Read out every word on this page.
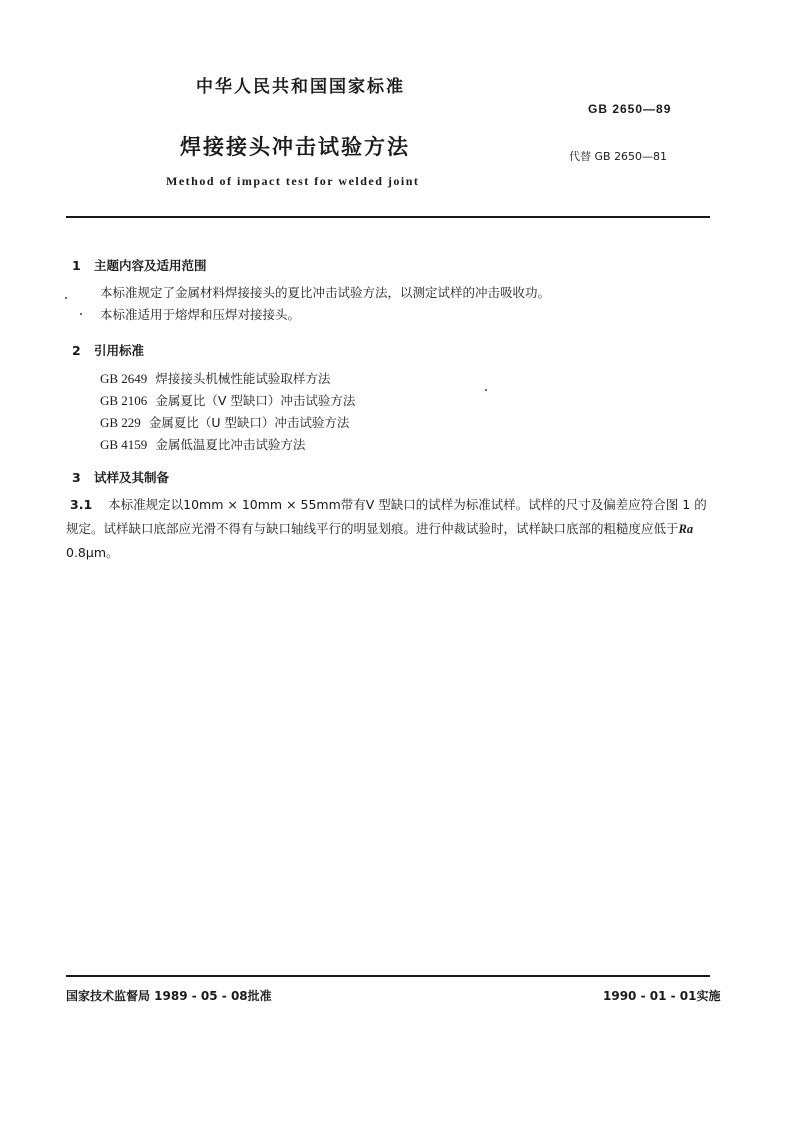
中华人民共和国国家标准
GB 2650—89
焊接接头冲击试验方法	代替 GB 2650—81
Method of impact test for welded joint
1 主题内容及适用范围
本标准规定了金属材料焊接接头的夏比冲击试验方法，以测定试样的冲击吸收功。
本标准适用于熔焊和压焊对接接头。
2 引用标准
GB 2649 焊接接头机械性能试验取样方法
GB 2106 金属夏比（V 型缺口）冲击试验方法
GB 229 金属夏比（U 型缺口）冲击试验方法
GB 4159 金属低温夏比冲击试验方法
3 试样及其制备
3.1 本标准规定以10mm × 10mm × 55mm带有V 型缺口的试样为标准试样。试样的尺寸及偏差应符合图 1 的规定。试样缺口底部应光滑不得有与缺口轴线平行的明显划痕。进行仲裁试验时，试样缺口底部的粗糙度应低于Ra 0.8μm。
国家技术监督局 1989 - 05 - 08批准	1990 - 01 - 01实施
